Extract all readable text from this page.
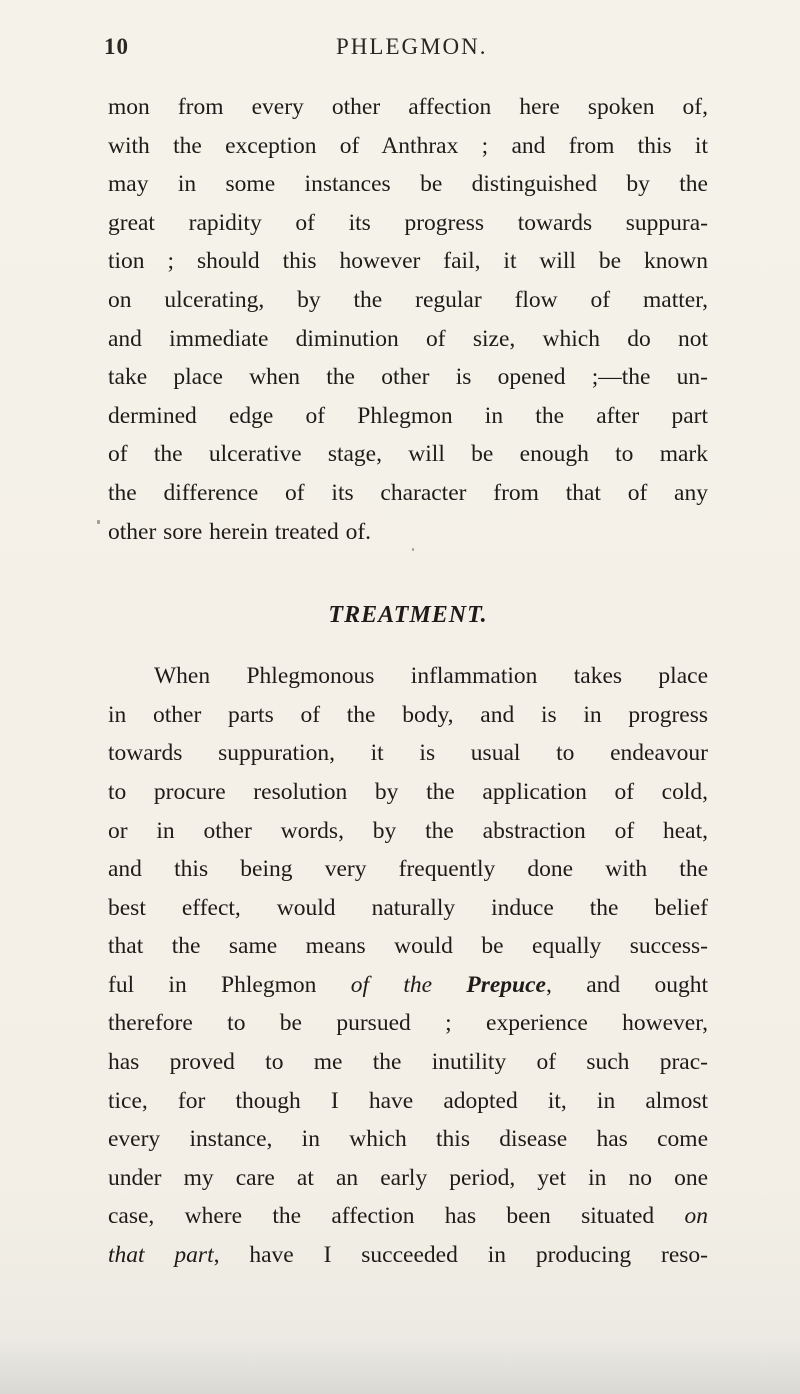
10	PHLEGMON.
mon from every other affection here spoken of,
with the exception of Anthrax ; and from this it
may in some instances be distinguished by the
great rapidity of its progress towards suppura-
tion ; should this however fail, it will be known
on ulcerating, by the regular flow of matter,
and immediate diminution of size, which do not
take place when the other is opened ;—the un-
dermined edge of Phlegmon in the after part
of the ulcerative stage, will be enough to mark
the difference of its character from that of any
other sore herein treated of.
TREATMENT.
When Phlegmonous inflammation takes place
in other parts of the body, and is in progress
towards suppuration, it is usual to endeavour
to procure resolution by the application of cold,
or in other words, by the abstraction of heat,
and this being very frequently done with the
best effect, would naturally induce the belief
that the same means would be equally success-
ful in Phlegmon of the Prepuce, and ought
therefore to be pursued ; experience however,
has proved to me the inutility of such prac-
tice, for though I have adopted it, in almost
every instance, in which this disease has come
under my care at an early period, yet in no one
case, where the affection has been situated on
that part, have I succeeded in producing reso-
